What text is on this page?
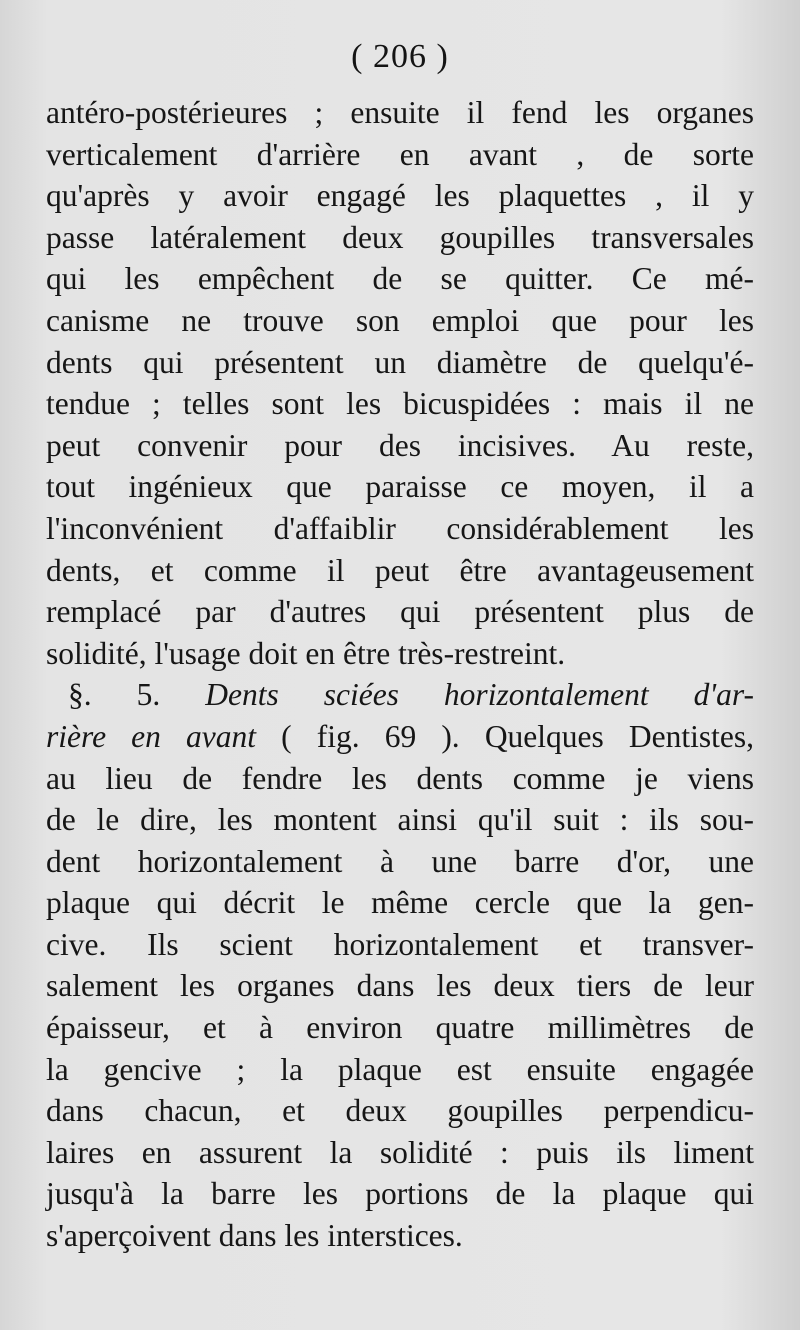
( 206 )
antéro-postérieures ; ensuite il fend les organes
verticalement d'arrière en avant , de sorte
qu'après y avoir engagé les plaquettes , il y
passe latéralement deux goupilles transversales
qui les empêchent de se quitter. Ce mé-
canisme ne trouve son emploi que pour les
dents qui présentent un diamètre de quelqu'é-
tendue ; telles sont les bicuspidées : mais il ne
peut convenir pour des incisives. Au reste,
tout ingénieux que paraisse ce moyen, il a
l'inconvénient d'affaiblir considérablement les
dents, et comme il peut être avantageusement
remplacé par d'autres qui présentent plus de
solidité, l'usage doit en être très-restreint.
§. 5. Dents sciées horizontalement d'ar-
rière en avant ( fig. 69 ). Quelques Dentistes,
au lieu de fendre les dents comme je viens
de le dire, les montent ainsi qu'il suit : ils sou-
dent horizontalement à une barre d'or, une
plaque qui décrit le même cercle que la gen-
cive. Ils scient horizontalement et transver-
salement les organes dans les deux tiers de leur
épaisseur, et à environ quatre millimètres de
la gencive ; la plaque est ensuite engagée
dans chacun, et deux goupilles perpendicu-
laires en assurent la solidité : puis ils liment
jusqu'à la barre les portions de la plaque qui
s'aperçoivent dans les interstices.
